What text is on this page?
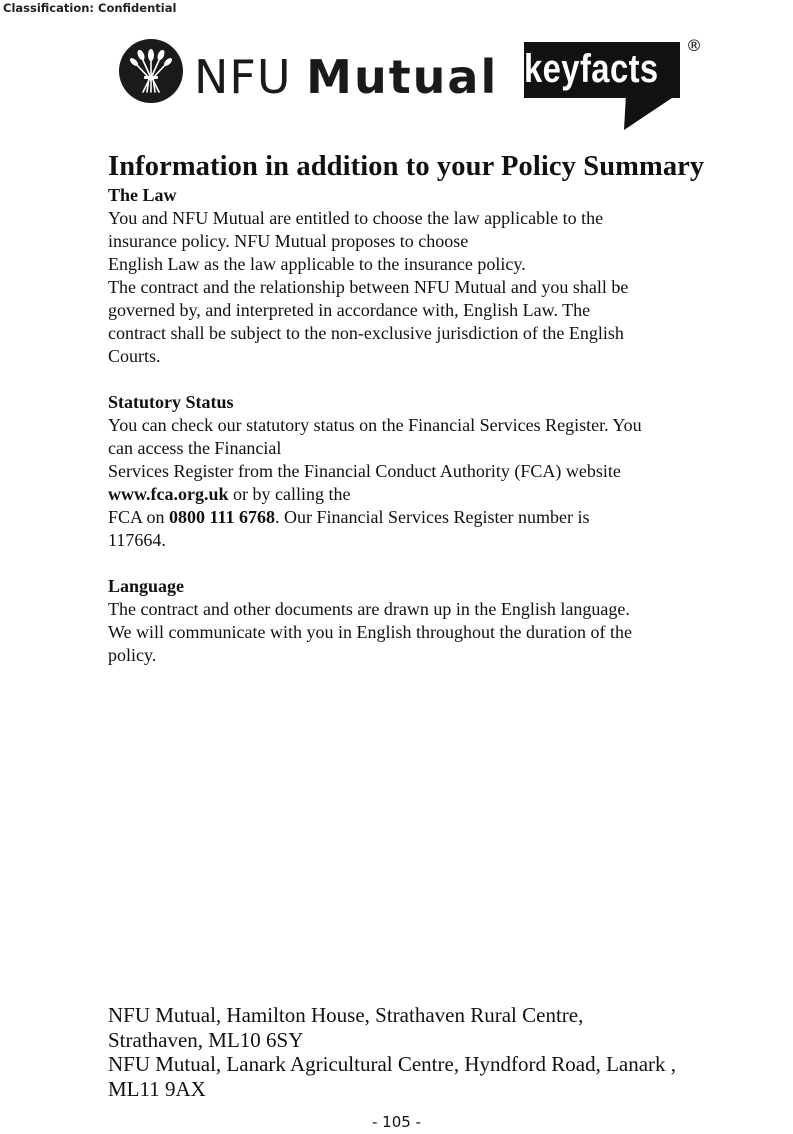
Classification: Confidential
NFU Mutual keyfacts
®
Information in addition to your Policy Summary

The Law

You and NFU Mutual are entitled to choose the law applicable to the

insurance policy. NFU Mutual proposes to choose

English Law as the law applicable to the insurance policy.

The contract and the relationship between NFU Mutual and you shall be

governed by, and interpreted in accordance with, English Law. The

contract shall be subject to the non-exclusive jurisdiction of the English

Courts.

Statutory Status

You can check our statutory status on the Financial Services Register. You

can access the Financial

Services Register from the Financial Conduct Authority (FCA) website

www.fca.org.uk or by calling the

FCA on 0800 111 6768. Our Financial Services Register number is

117664.

Language

The contract and other documents are drawn up in the English language.

We will communicate with you in English throughout the duration of the

policy.

NFU Mutual, Hamilton House, Strathaven Rural Centre,
Strathaven, ML10 6SY
NFU Mutual, Lanark Agricultural Centre, Hyndford Road, Lanark ,
ML11 9AX
- 105 -
